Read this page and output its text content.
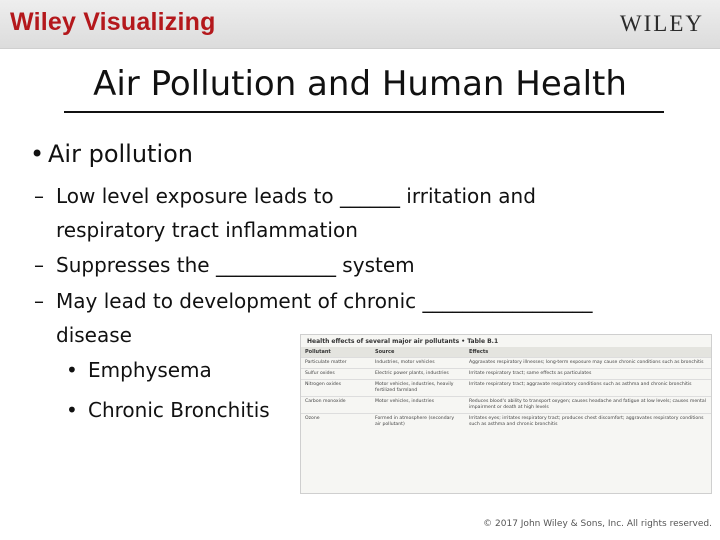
Wiley Visualizing	WILEY
Air Pollution and Human Health
• Air pollution
– Low level exposure leads to ______ irritation and
respiratory tract inflammation
– Suppresses the ____________ system
– May lead to development of chronic _________________
disease
• Emphysema
• Chronic Bronchitis
Health effects of several major air pollutants • Table B.1
Pollutant	Source	Effects
Particulate matter	Industries, motor vehicles	Aggravates respiratory illnesses; long-term exposure may cause chronic conditions such as bronchitis
Sulfur oxides	Electric power plants, industries	Irritate respiratory tract; same effects as particulates
Nitrogen oxides	Motor vehicles, industries, heavily fertilized farmland	Irritate respiratory tract; aggravate respiratory conditions such as asthma and chronic bronchitis
Carbon monoxide	Motor vehicles, industries	Reduces blood's ability to transport oxygen; causes headache and fatigue at low levels; causes mental impairment or death at high levels
Ozone	Formed in atmosphere (secondary air pollutant)	Irritates eyes; irritates respiratory tract; produces chest discomfort; aggravates respiratory conditions such as asthma and chronic bronchitis
© 2017 John Wiley & Sons, Inc. All rights reserved.
